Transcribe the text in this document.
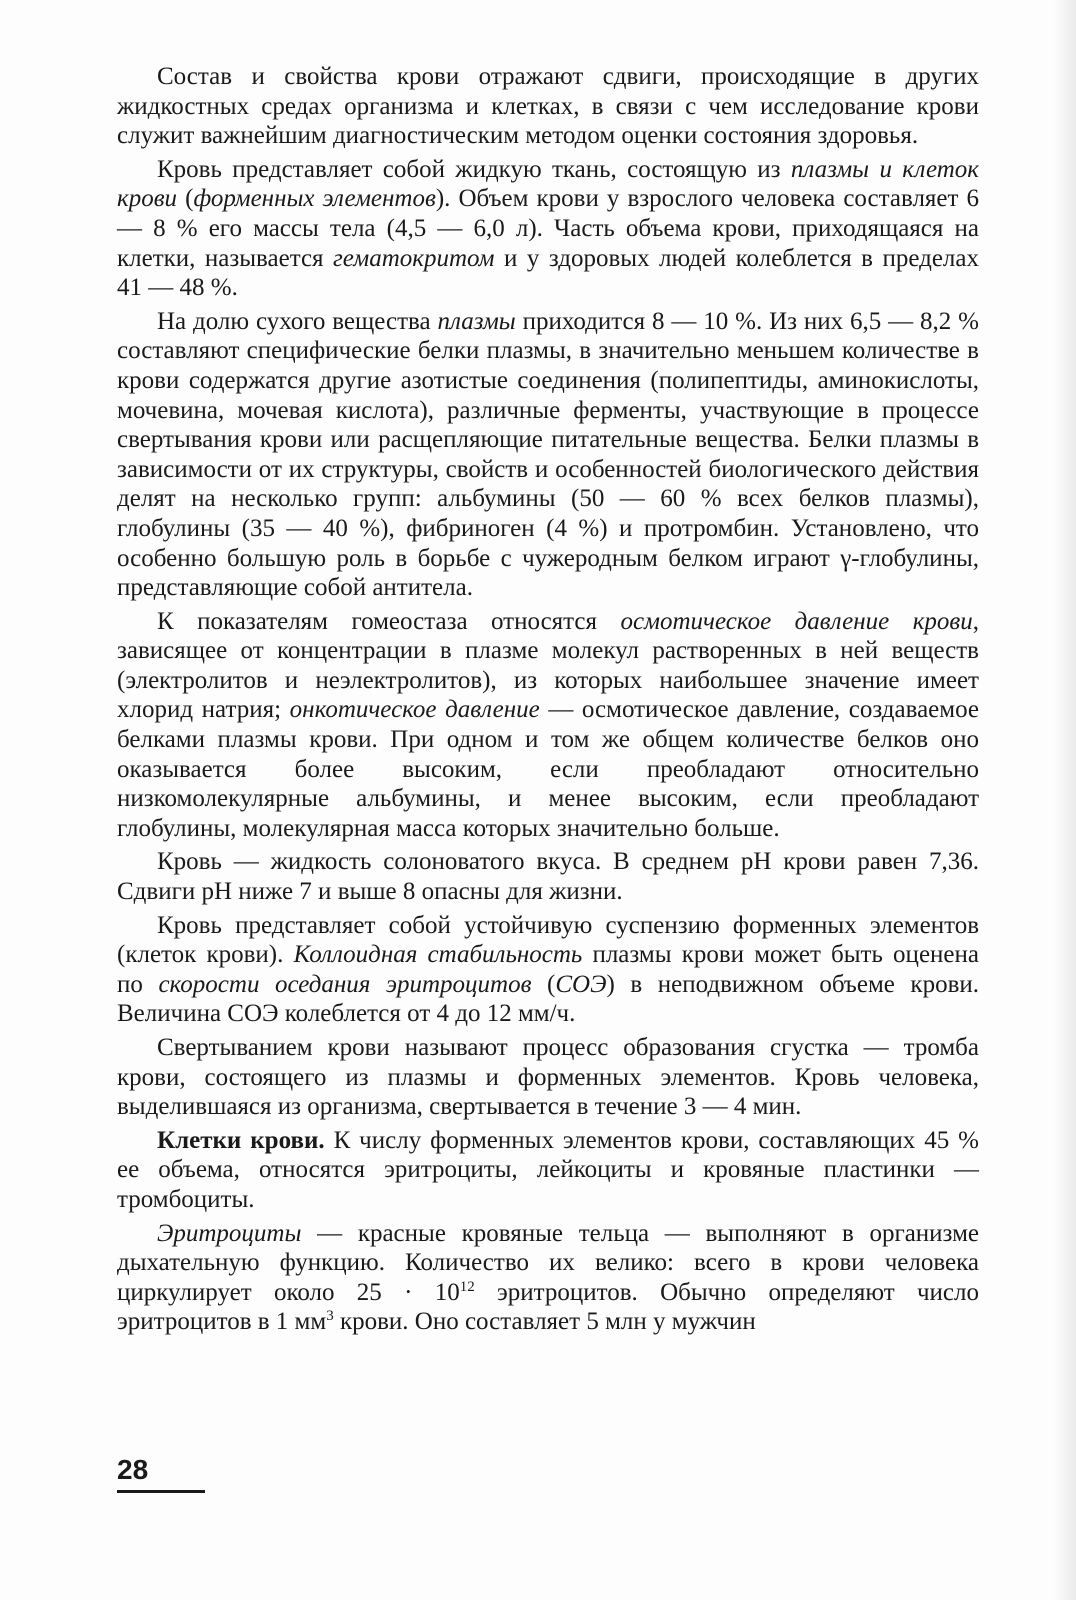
Состав и свойства крови отражают сдвиги, происходящие в других жидкостных средах организма и клетках, в связи с чем исследование крови служит важнейшим диагностическим методом оценки состояния здоровья.

Кровь представляет собой жидкую ткань, состоящую из плазмы и клеток крови (форменных элементов). Объем крови у взрослого человека составляет 6 — 8 % его массы тела (4,5 — 6,0 л). Часть объема крови, приходящаяся на клетки, называется гематокритом и у здоровых людей колеблется в пределах 41 — 48 %.

На долю сухого вещества плазмы приходится 8 — 10 %. Из них 6,5 — 8,2 % составляют специфические белки плазмы, в значительно меньшем количестве в крови содержатся другие азотистые соединения (полипептиды, аминокислоты, мочевина, мочевая кислота), различные ферменты, участвующие в процессе свертывания крови или расщепляющие питательные вещества. Белки плазмы в зависимости от их структуры, свойств и особенностей биологического действия делят на несколько групп: альбумины (50 — 60 % всех белков плазмы), глобулины (35 — 40 %), фибриноген (4 %) и протромбин. Установлено, что особенно большую роль в борьбе с чужеродным белком играют γ-глобулины, представляющие собой антитела.

К показателям гомеостаза относятся осмотическое давление крови, зависящее от концентрации в плазме молекул растворенных в ней веществ (электролитов и неэлектролитов), из которых наибольшее значение имеет хлорид натрия; онкотическое давление — осмотическое давление, создаваемое белками плазмы крови. При одном и том же общем количестве белков оно оказывается более высоким, если преобладают относительно низкомолекулярные альбумины, и менее высоким, если преобладают глобулины, молекулярная масса которых значительно больше.

Кровь — жидкость солоноватого вкуса. В среднем pH крови равен 7,36. Сдвиги pH ниже 7 и выше 8 опасны для жизни.

Кровь представляет собой устойчивую суспензию форменных элементов (клеток крови). Коллоидная стабильность плазмы крови может быть оценена по скорости оседания эритроцитов (СОЭ) в неподвижном объеме крови. Величина СОЭ колеблется от 4 до 12 мм/ч.

Свертыванием крови называют процесс образования сгустка — тромба крови, состоящего из плазмы и форменных элементов. Кровь человека, выделившаяся из организма, свертывается в течение 3 — 4 мин.

Клетки крови. К числу форменных элементов крови, составляющих 45 % ее объема, относятся эритроциты, лейкоциты и кровяные пластинки — тромбоциты.

Эритроциты — красные кровяные тельца — выполняют в организме дыхательную функцию. Количество их велико: всего в крови человека циркулирует около $25 \cdot 10^{12}$ эритроцитов. Обычно определяют число эритроцитов в 1 $мм^3$ крови. Оно составляет 5 млн у мужчин

28
